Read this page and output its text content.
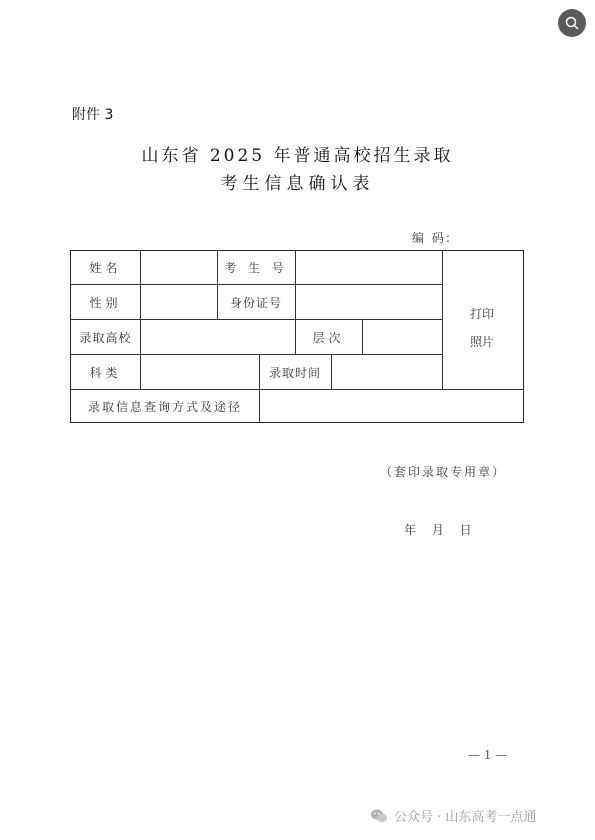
附件 3
山东省 2025 年普通高校招生录取
考生信息确认表
编 码:
姓名	考 生 号
性别	身份证号
录取高校	层次
科类	录取时间
录取信息查询方式及途径
打印
照片
（套印录取专用章）
年 月 日
— 1 —
公众号 · 山东高考一点通
